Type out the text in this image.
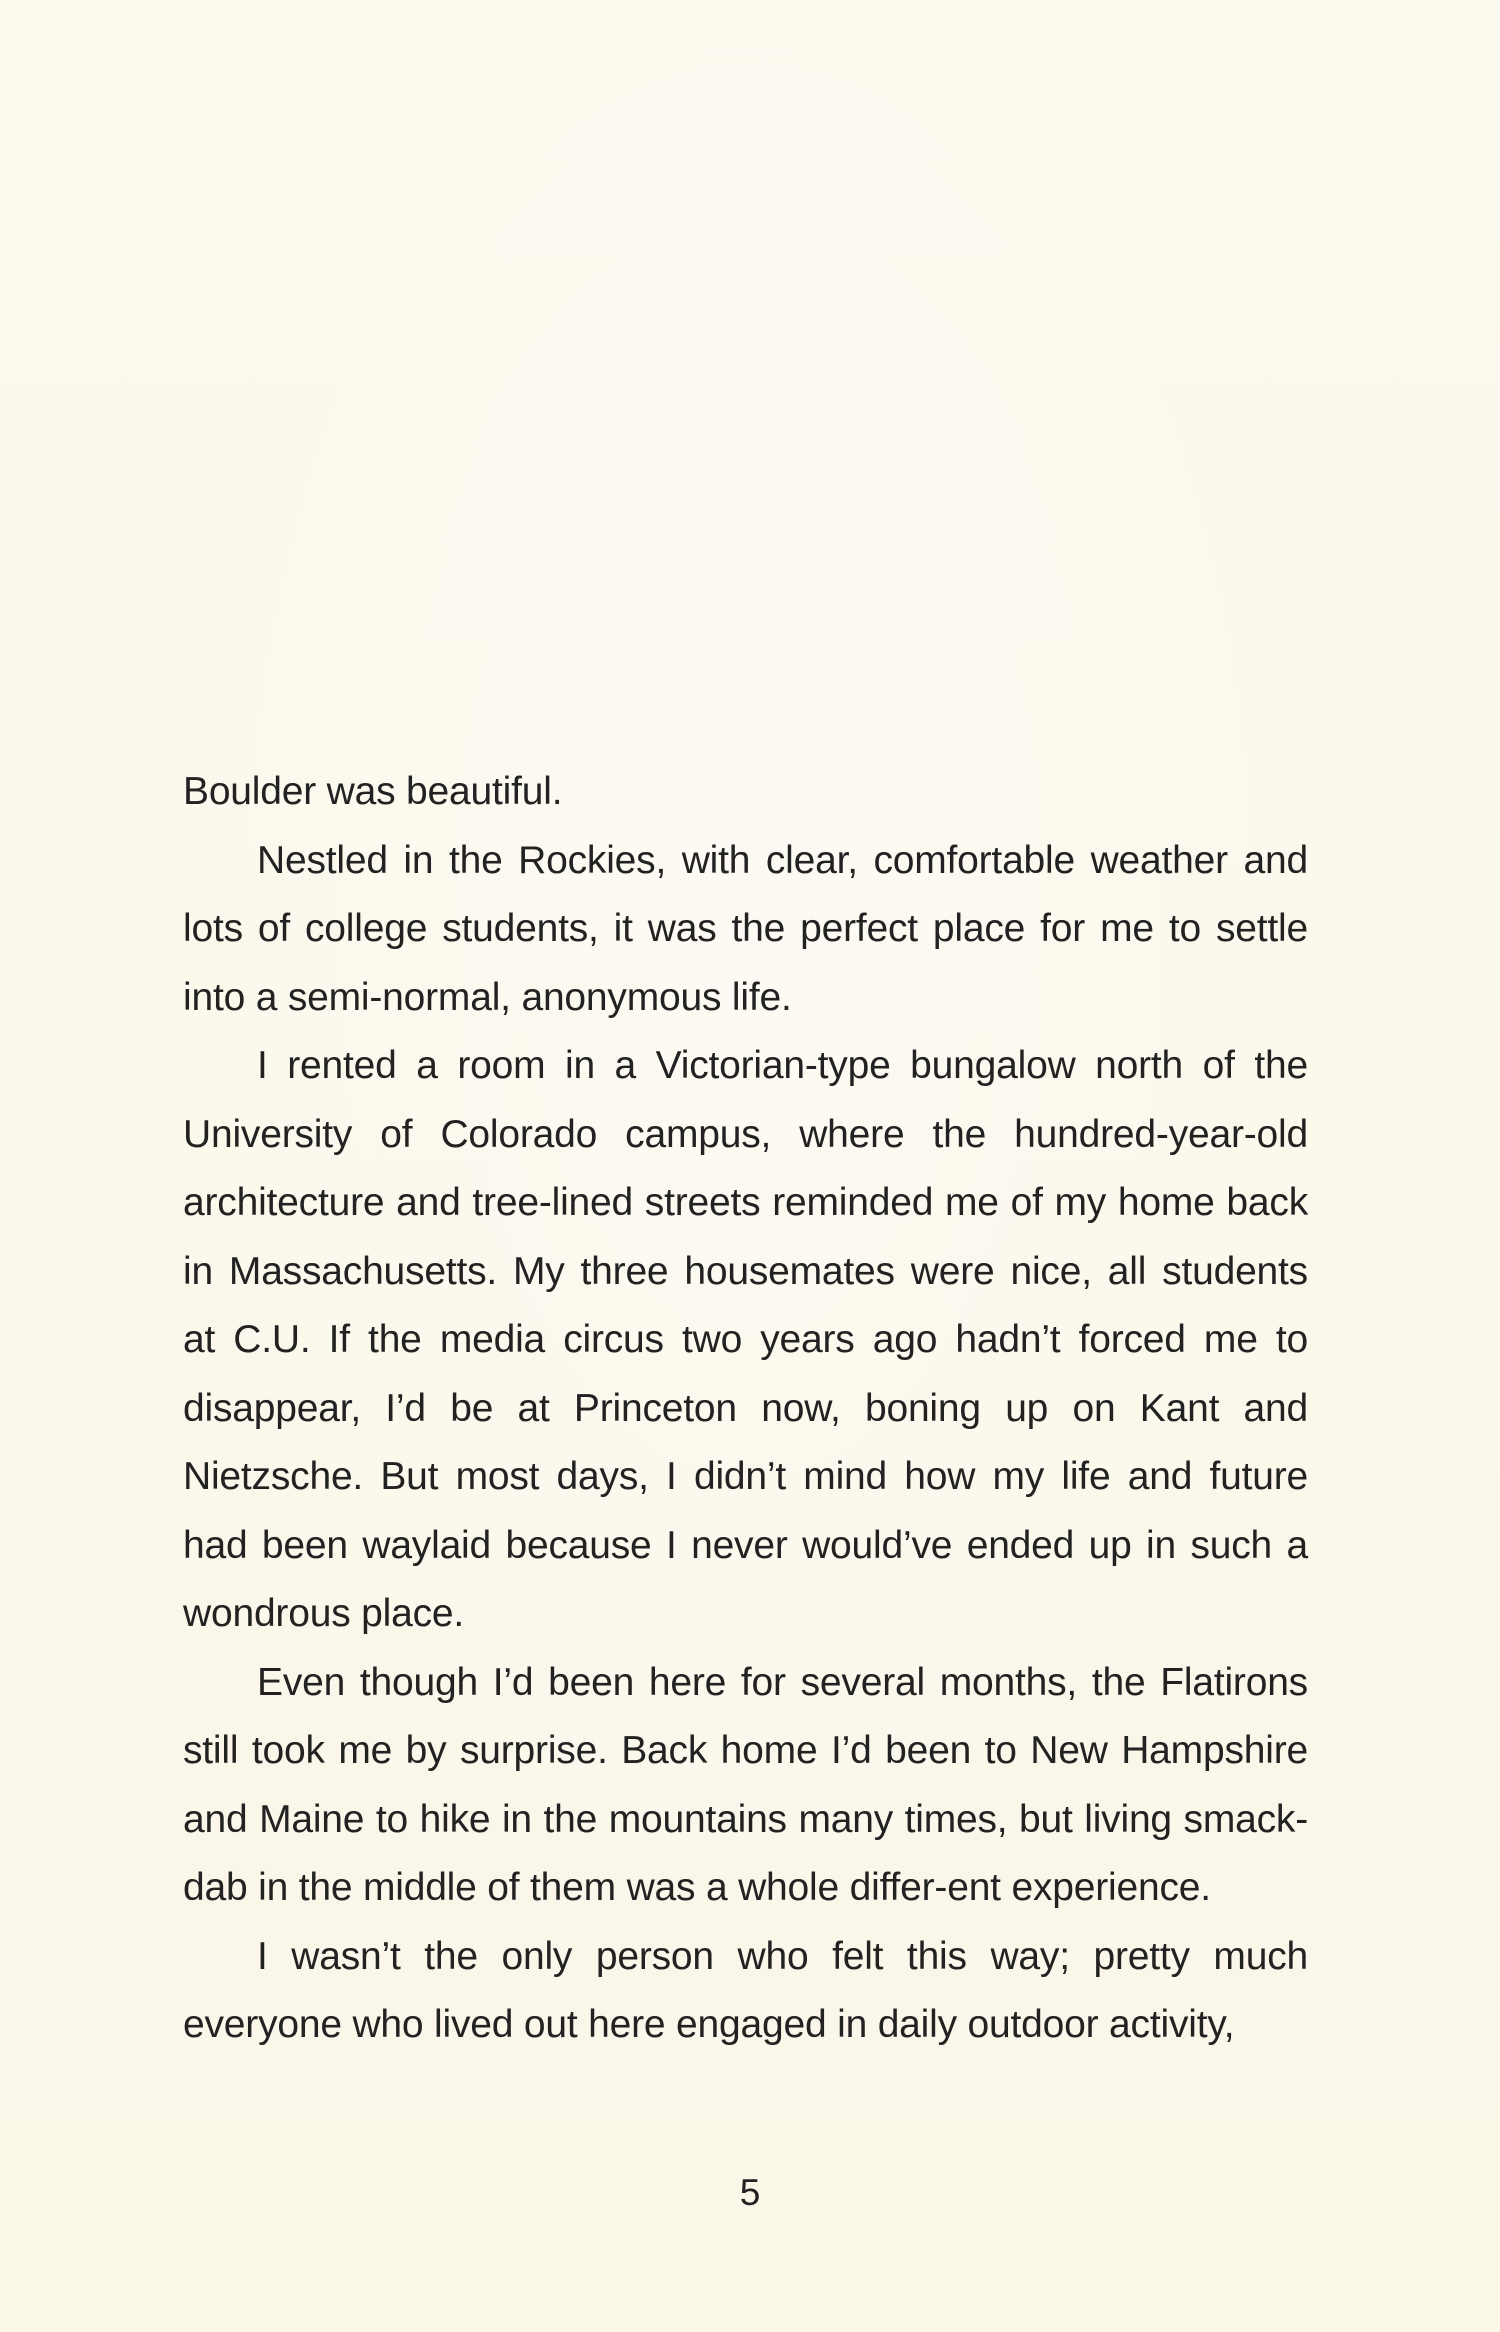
Boulder was beautiful.

Nestled in the Rockies, with clear, comfortable weather and lots of college students, it was the perfect place for me to settle into a semi-normal, anonymous life.

I rented a room in a Victorian-type bungalow north of the University of Colorado campus, where the hundred-year-old architecture and tree-lined streets reminded me of my home back in Massachusetts. My three housemates were nice, all students at C.U. If the media circus two years ago hadn’t forced me to disappear, I’d be at Princeton now, boning up on Kant and Nietzsche. But most days, I didn’t mind how my life and future had been waylaid because I never would’ve ended up in such a wondrous place.

Even though I’d been here for several months, the Flatirons still took me by surprise. Back home I’d been to New Hampshire and Maine to hike in the mountains many times, but living smack-dab in the middle of them was a whole differ-ent experience.

I wasn’t the only person who felt this way; pretty much everyone who lived out here engaged in daily outdoor activity,

5
